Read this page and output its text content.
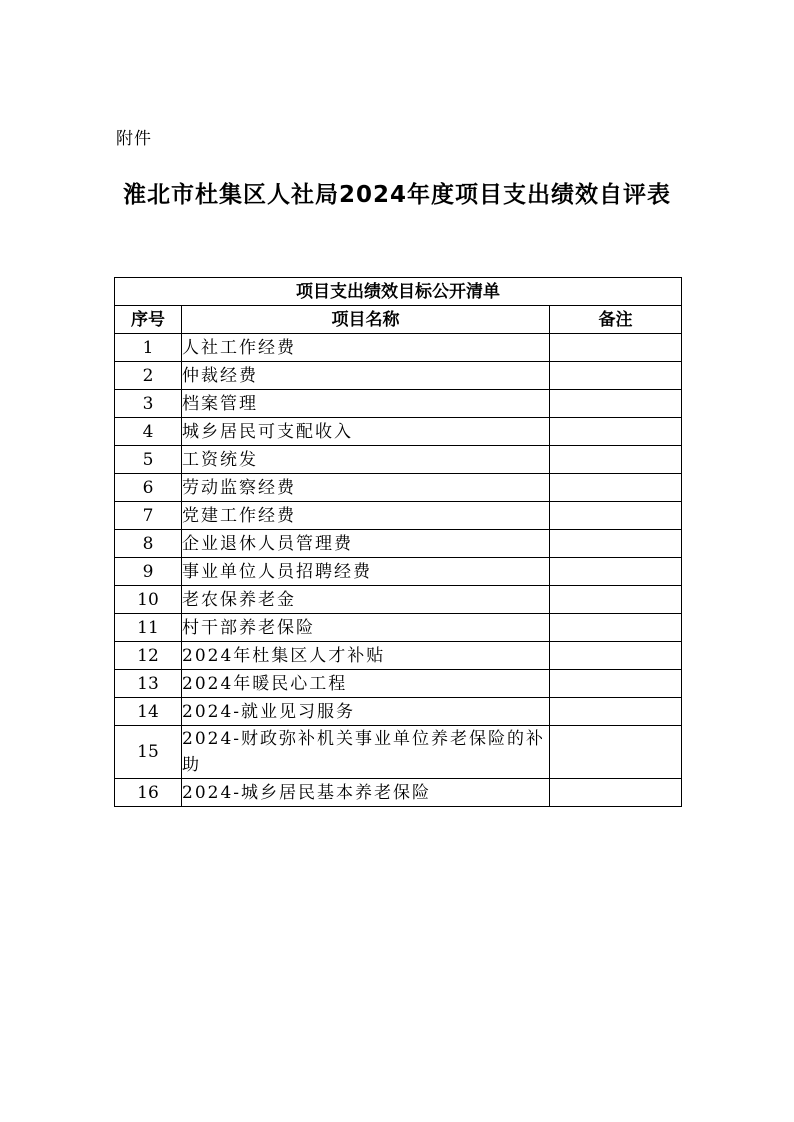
附件
淮北市杜集区人社局2024年度项目支出绩效自评表
项目支出绩效目标公开清单		
序号	项目名称	备注
1	人社工作经费	
2	仲裁经费	
3	档案管理	
4	城乡居民可支配收入	
5	工资统发	
6	劳动监察经费	
7	党建工作经费	
8	企业退休人员管理费	
9	事业单位人员招聘经费	
10	老农保养老金	
11	村干部养老保险	
12	2024年杜集区人才补贴	
13	2024年暖民心工程	
14	2024-就业见习服务	
15	2024-财政弥补机关事业单位养老保险的补助	
16	2024-城乡居民基本养老保险	
